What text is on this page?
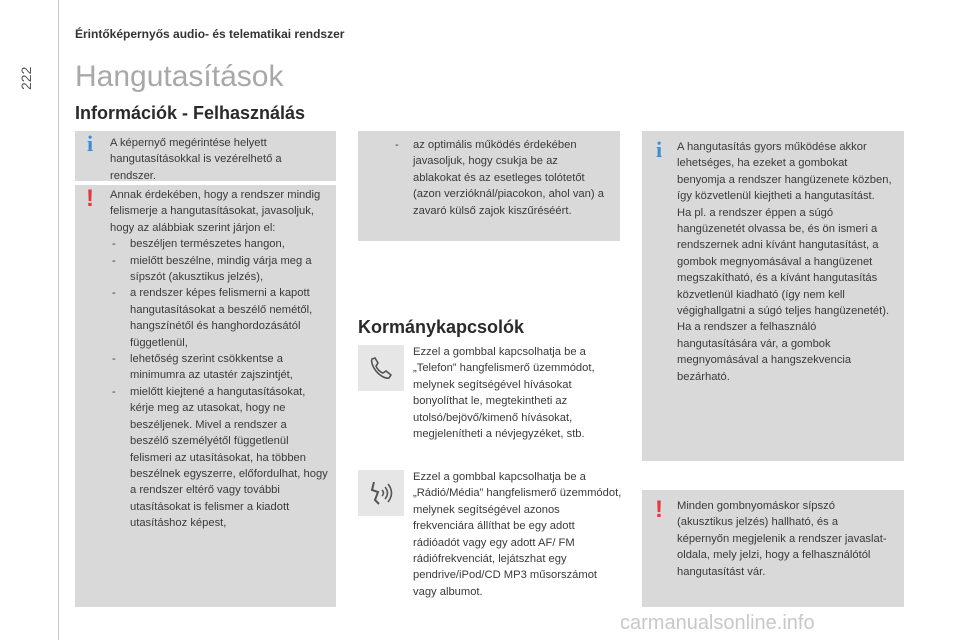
222
Érintőképernyős audio- és telematikai rendszer
Hangutasítások
Információk - Felhasználás
i	A képernyő megérintése helyett hangutasításokkal is vezérelhető a rendszer.
! Annak érdekében, hogy a rendszer mindig felismerje a hangutasításokat, javasoljuk, hogy az alábbiak szerint járjon el:

- beszéljen természetes hangon,
- mielőtt beszélne, mindig várja meg a sípszót (akusztikus jelzés),
- a rendszer képes felismerni a kapott hangutasításokat a beszélő nemétől, hangszínétől és hanghordozásától függetlenül,
- lehetőség szerint csökkentse a minimumra az utastér zajszintjét,
- mielőtt kiejtené a hangutasításokat, kérje meg az utasokat, hogy ne beszéljenek. Mivel a rendszer a beszélő személyétől függetlenül felismeri az utasításokat, ha többen beszélnek egyszerre, előfordulhat, hogy a rendszer eltérő vagy további utasításokat is felismer a kiadott utasításhoz képest,
- az optimális működés érdekében javasoljuk, hogy csukja be az ablakokat és az esetleges tolótetőt (azon verzióknál/piacokon, ahol van) a zavaró külső zajok kiszűréséért.
Kormánykapcsolók
Ezzel a gombbal kapcsolhatja be a „Telefon” hangfelismerő üzemmódot, melynek segítségével hívásokat bonyolíthat le, megtekintheti az utolsó/bejövő/kimenő hívásokat, megjelenítheti a névjegyzéket, stb.
Ezzel a gombbal kapcsolhatja be a „Rádió/Média” hangfelismerő üzemmódot, melynek segítségével azonos frekvenciára állíthat be egy adott rádióadót vagy egy adott AF/ FM rádiófrekvenciát, lejátszhat egy pendrive/iPod/CD MP3 műsorszámot vagy albumot.
i	A hangutasítás gyors működése akkor lehetséges, ha ezeket a gombokat benyomja a rendszer hangüzenete közben, így közvetlenül kiejtheti a hangutasítást. Ha pl. a rendszer éppen a súgó hangüzenetét olvassa be, és ön ismeri a rendszernek adni kívánt hangutasítást, a gombok megnyomásával a hangüzenet megszakítható, és a kívánt hangutasítás közvetlenül kiadható (így nem kell végighallgatni a súgó teljes hangüzenetét). Ha a rendszer a felhasználó hangutasítására vár, a gombok megnyomásával a hangszekvencia bezárható.
! Minden gombnyomáskor sípszó (akusztikus jelzés) hallható, és a képernyőn megjelenik a rendszer javaslat-oldala, mely jelzi, hogy a felhasználótól hangutasítást vár.
carmanualsonline.info
